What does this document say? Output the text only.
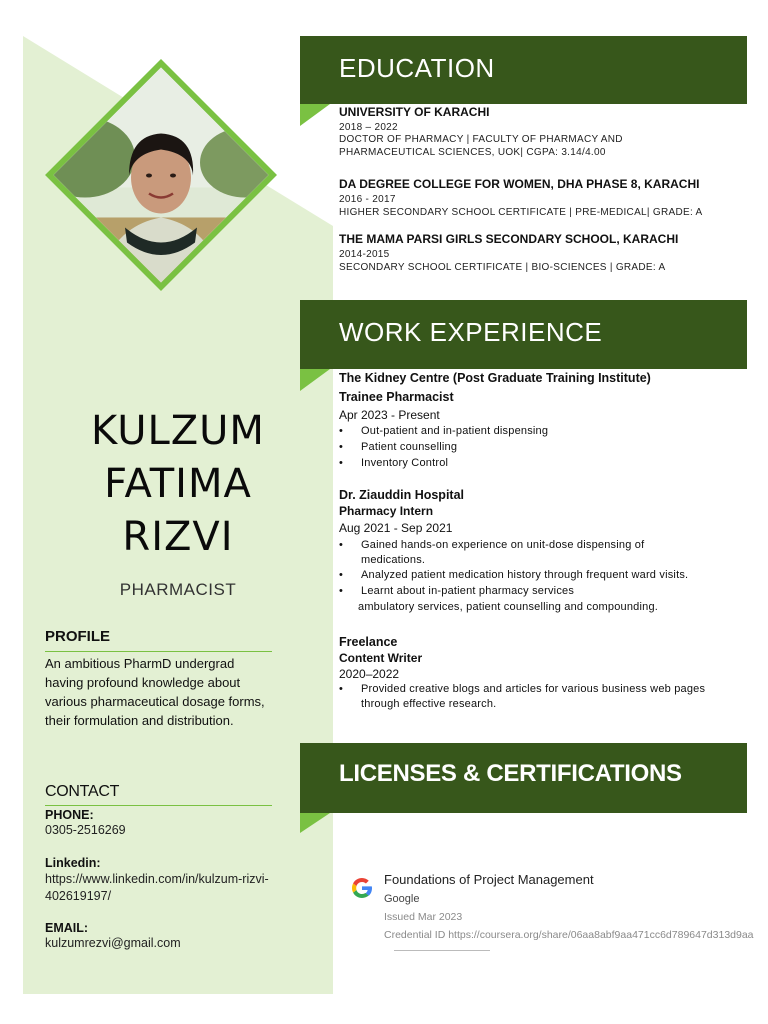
KULZUM
FATIMA
RIZVI
PHARMACIST
PROFILE
An ambitious PharmD undergrad having profound knowledge about various pharmaceutical dosage forms, their formulation and distribution.
CONTACT
PHONE:
0305-2516269
Linkedin:
https://www.linkedin.com/in/kulzum-rizvi-402619197/
EMAIL:
kulzumrezvi@gmail.com
EDUCATION
UNIVERSITY OF KARACHI
2018 – 2022
DOCTOR OF PHARMACY | FACULTY OF PHARMACY AND PHARMACEUTICAL SCIENCES, UOK| CGPA: 3.14/4.00
DA DEGREE COLLEGE FOR WOMEN, DHA PHASE 8, KARACHI
2016 - 2017
HIGHER SECONDARY SCHOOL CERTIFICATE | PRE-MEDICAL| GRADE: A
THE MAMA PARSI GIRLS SECONDARY SCHOOL, KARACHI
2014-2015
SECONDARY SCHOOL CERTIFICATE | BIO-SCIENCES | GRADE: A
WORK EXPERIENCE
The Kidney Centre (Post Graduate Training Institute)
Trainee Pharmacist
Apr 2023 - Present
• Out-patient and in-patient dispensing
• Patient counselling
• Inventory Control
Dr. Ziauddin Hospital
Pharmacy Intern
Aug 2021 - Sep 2021
• Gained hands-on experience on unit-dose dispensing of medications.
• Analyzed patient medication history through frequent ward visits.
• Learnt about in-patient pharmacy services
ambulatory services, patient counselling and compounding.
Freelance
Content Writer
2020–2022
• Provided creative blogs and articles for various business web pages through effective research.
LICENSES & CERTIFICATIONS
Foundations of Project Management
Google
Issued Mar 2023
Credential ID https://coursera.org/share/06aa8abf9aa471cc6d789647d313d9aa
